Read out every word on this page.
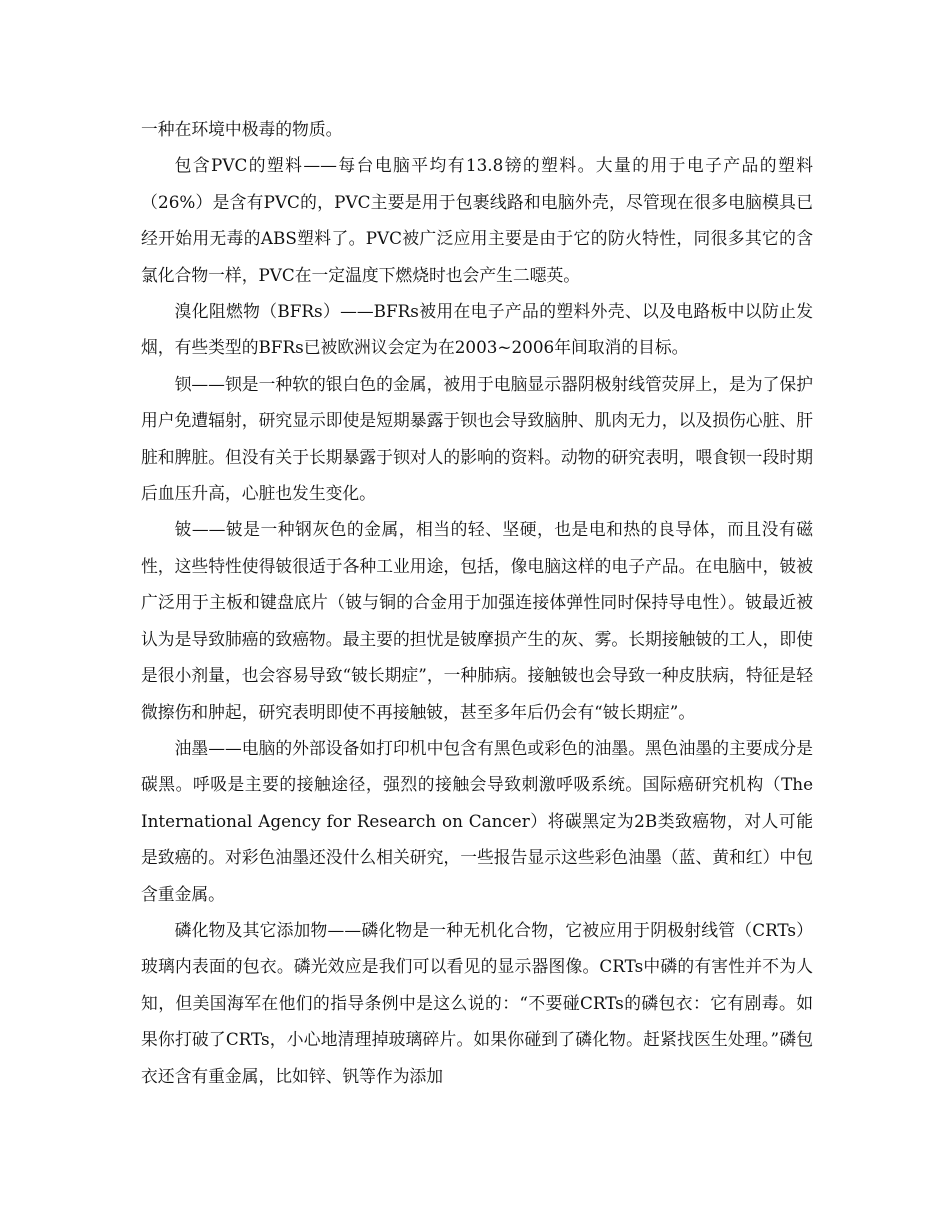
一种在环境中极毒的物质。

包含PVC的塑料——每台电脑平均有13.8镑的塑料。大量的用于电子产品的塑料（26%）是含有PVC的，PVC主要是用于包裹线路和电脑外壳，尽管现在很多电脑模具已经开始用无毒的ABS塑料了。PVC被广泛应用主要是由于它的防火特性，同很多其它的含氯化合物一样，PVC在一定温度下燃烧时也会产生二噁英。

溴化阻燃物（BFRs）——BFRs被用在电子产品的塑料外壳、以及电路板中以防止发烟，有些类型的BFRs已被欧洲议会定为在2003~2006年间取消的目标。

钡——钡是一种软的银白色的金属，被用于电脑显示器阴极射线管荧屏上，是为了保护用户免遭辐射，研究显示即使是短期暴露于钡也会导致脑肿、肌肉无力，以及损伤心脏、肝脏和脾脏。但没有关于长期暴露于钡对人的影响的资料。动物的研究表明，喂食钡一段时期后血压升高，心脏也发生变化。

铍——铍是一种钢灰色的金属，相当的轻、坚硬，也是电和热的良导体，而且没有磁性，这些特性使得铍很适于各种工业用途，包括，像电脑这样的电子产品。在电脑中，铍被广泛用于主板和键盘底片（铍与铜的合金用于加强连接体弹性同时保持导电性）。铍最近被认为是导致肺癌的致癌物。最主要的担忧是铍摩损产生的灰、雾。长期接触铍的工人，即使是很小剂量，也会容易导致“铍长期症”，一种肺病。接触铍也会导致一种皮肤病，特征是轻微擦伤和肿起，研究表明即使不再接触铍，甚至多年后仍会有“铍长期症”。

油墨——电脑的外部设备如打印机中包含有黑色或彩色的油墨。黑色油墨的主要成分是碳黑。呼吸是主要的接触途径，强烈的接触会导致刺激呼吸系统。国际癌研究机构（The International Agency for Research on Cancer）将碳黑定为2B类致癌物，对人可能是致癌的。对彩色油墨还没什么相关研究，一些报告显示这些彩色油墨（蓝、黄和红）中包含重金属。

磷化物及其它添加物——磷化物是一种无机化合物，它被应用于阴极射线管（CRTs）玻璃内表面的包衣。磷光效应是我们可以看见的显示器图像。CRTs中磷的有害性并不为人知，但美国海军在他们的指导条例中是这么说的：“不要碰CRTs的磷包衣：它有剧毒。如果你打破了CRTs，小心地清理掉玻璃碎片。如果你碰到了磷化物。赶紧找医生处理。”磷包衣还含有重金属，比如锌、钒等作为添加
